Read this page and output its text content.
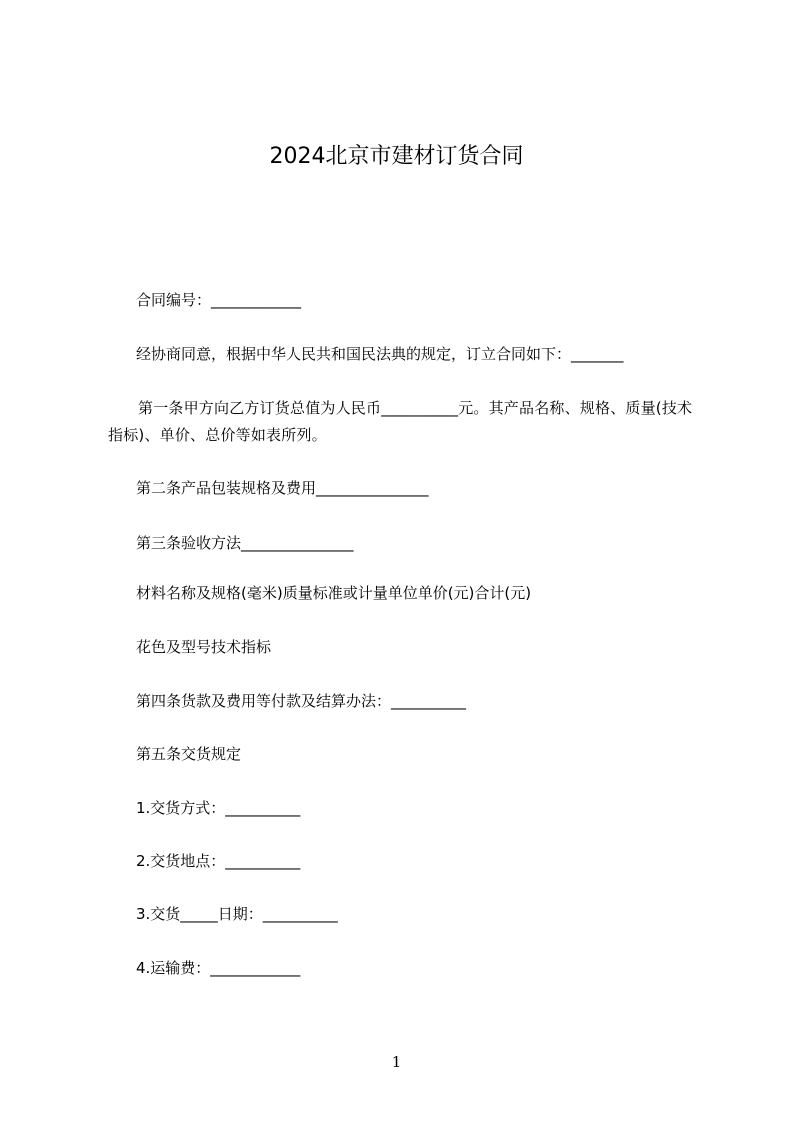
2024北京市建材订货合同
合同编号：____________
经协商同意，根据中华人民共和国民法典的规定，订立合同如下：_______
第一条甲方向乙方订货总值为人民币__________元。其产品名称、规格、质量(技术指标)、单价、总价等如表所列。
第二条产品包装规格及费用_______________
第三条验收方法_______________
材料名称及规格(毫米)质量标准或计量单位单价(元)合计(元)
花色及型号技术指标
第四条货款及费用等付款及结算办法：__________
第五条交货规定
1.交货方式：__________
2.交货地点：__________
3.交货_____日期：__________
4.运输费：____________
1
